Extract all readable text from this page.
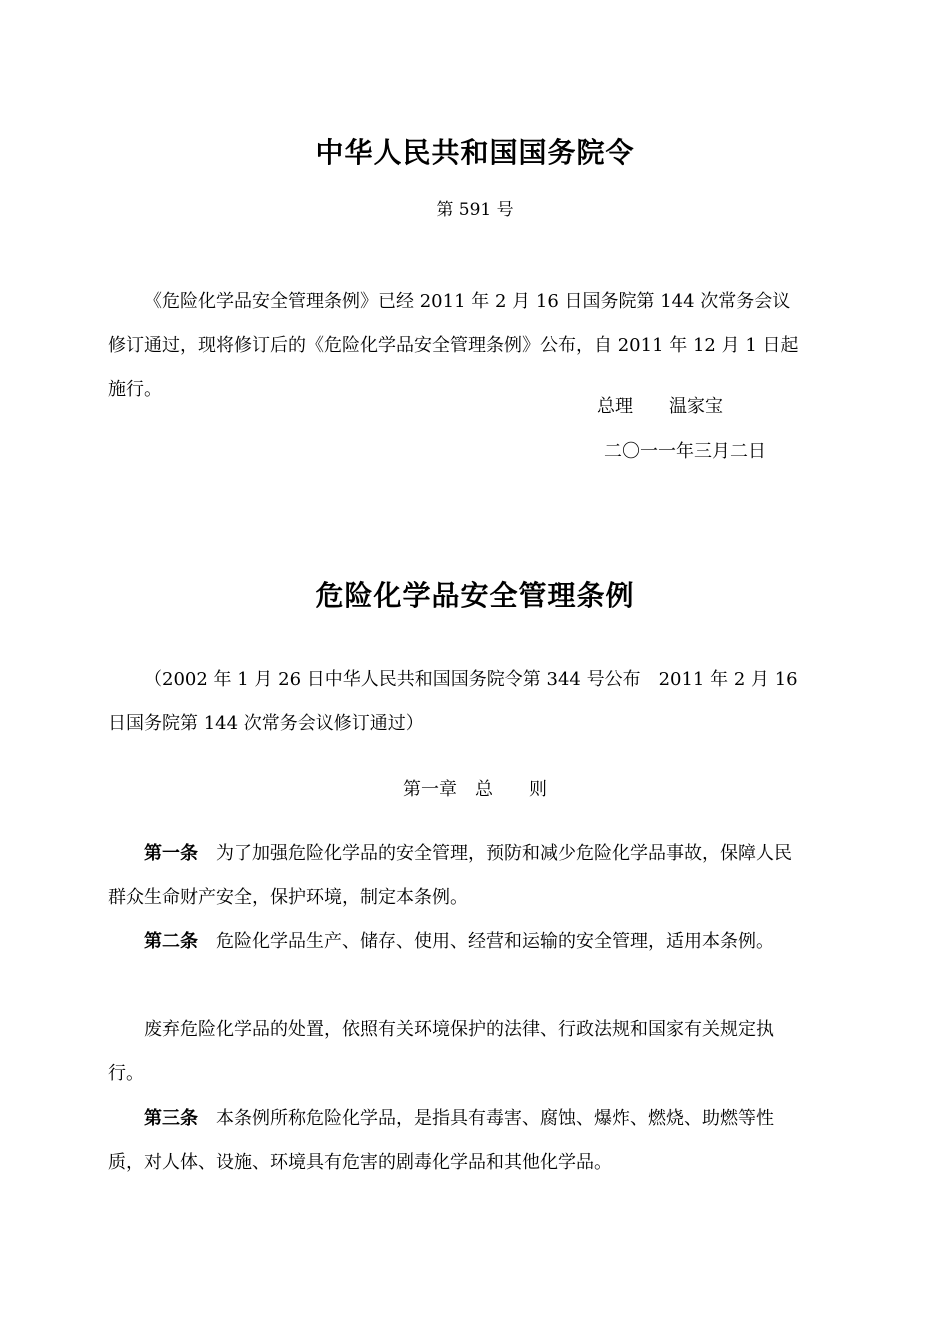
中华人民共和国国务院令
第 591 号

《危险化学品安全管理条例》已经 2011 年 2 月 16 日国务院第 144 次常务会议修订通过，现将修订后的《危险化学品安全管理条例》公布，自 2011 年 12 月 1 日起施行。

总理　　温家宝
二〇一一年三月二日
危险化学品安全管理条例

（2002 年 1 月 26 日中华人民共和国国务院令第 344 号公布　2011 年 2 月 16 日国务院第 144 次常务会议修订通过）

第一章　总　　则

第一条　为了加强危险化学品的安全管理，预防和减少危险化学品事故，保障人民群众生命财产安全，保护环境，制定本条例。

第二条　危险化学品生产、储存、使用、经营和运输的安全管理，适用本条例。

废弃危险化学品的处置，依照有关环境保护的法律、行政法规和国家有关规定执行。

第三条　本条例所称危险化学品，是指具有毒害、腐蚀、爆炸、燃烧、助燃等性质，对人体、设施、环境具有危害的剧毒化学品和其他化学品。
